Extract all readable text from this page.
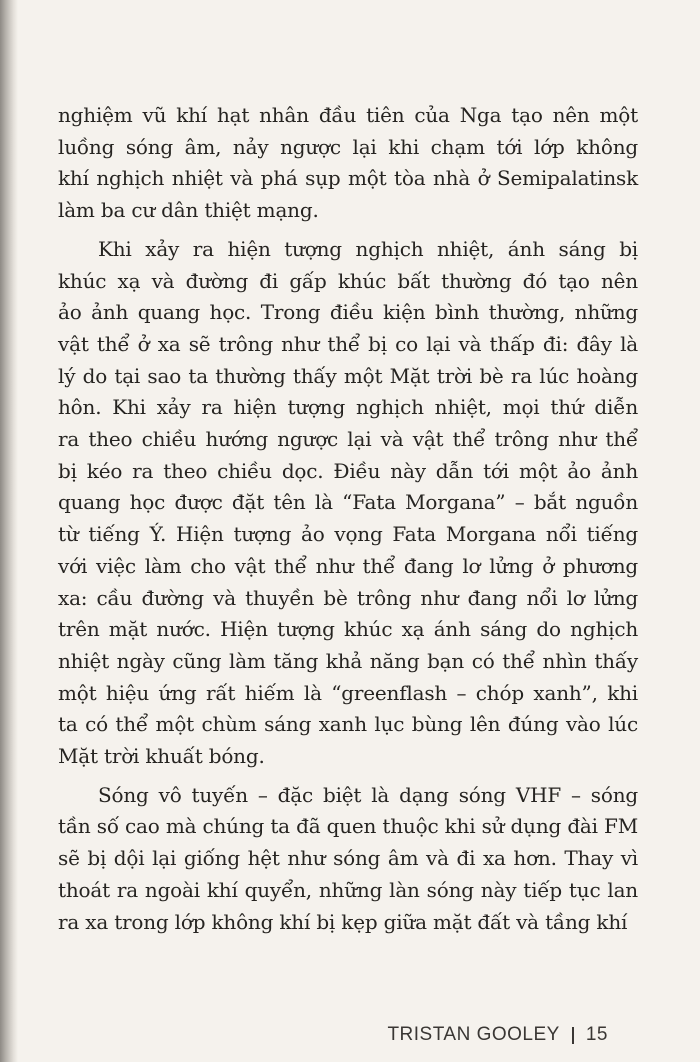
nghiệm vũ khí hạt nhân đầu tiên của Nga tạo nên một
luồng sóng âm, nảy ngược lại khi chạm tới lớp không
khí nghịch nhiệt và phá sụp một tòa nhà ở Semipalatinsk
làm ba cư dân thiệt mạng.
Khi xảy ra hiện tượng nghịch nhiệt, ánh sáng bị
khúc xạ và đường đi gấp khúc bất thường đó tạo nên
ảo ảnh quang học. Trong điều kiện bình thường, những
vật thể ở xa sẽ trông như thể bị co lại và thấp đi: đây là
lý do tại sao ta thường thấy một Mặt trời bè ra lúc hoàng
hôn. Khi xảy ra hiện tượng nghịch nhiệt, mọi thứ diễn
ra theo chiều hướng ngược lại và vật thể trông như thể
bị kéo ra theo chiều dọc. Điều này dẫn tới một ảo ảnh
quang học được đặt tên là “Fata Morgana” – bắt nguồn
từ tiếng Ý. Hiện tượng ảo vọng Fata Morgana nổi tiếng
với việc làm cho vật thể như thể đang lơ lửng ở phương
xa: cầu đường và thuyền bè trông như đang nổi lơ lửng
trên mặt nước. Hiện tượng khúc xạ ánh sáng do nghịch
nhiệt ngày cũng làm tăng khả năng bạn có thể nhìn thấy
một hiệu ứng rất hiếm là “greenflash – chóp xanh”, khi
ta có thể một chùm sáng xanh lục bùng lên đúng vào lúc
Mặt trời khuất bóng.
Sóng vô tuyến – đặc biệt là dạng sóng VHF – sóng
tần số cao mà chúng ta đã quen thuộc khi sử dụng đài FM
sẽ bị dội lại giống hệt như sóng âm và đi xa hơn. Thay vì
thoát ra ngoài khí quyển, những làn sóng này tiếp tục lan
ra xa trong lớp không khí bị kẹp giữa mặt đất và tầng khí
TRISTAN GOOLEY 15
